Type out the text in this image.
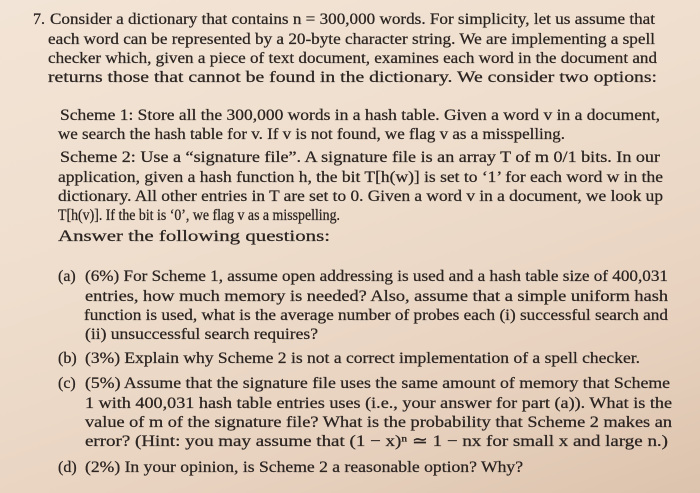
7. Consider a dictionary that contains n = 300,000 words. For simplicity, let us assume that
each word can be represented by a 20-byte character string. We are implementing a spell
checker which, given a piece of text document, examines each word in the document and
returns those that cannot be found in the dictionary. We consider two options:
Scheme 1: Store all the 300,000 words in a hash table. Given a word v in a document,
we search the hash table for v. If v is not found, we flag v as a misspelling.
Scheme 2: Use a “signature file”. A signature file is an array T of m 0/1 bits. In our
application, given a hash function h, the bit T[h(w)] is set to ‘1’ for each word w in the
dictionary. All other entries in T are set to 0. Given a word v in a document, we look up
T[h(v)]. If the bit is ‘0’, we flag v as a misspelling.
Answer the following questions:
(a) (6%) For Scheme 1, assume open addressing is used and a hash table size of 400,031
entries, how much memory is needed? Also, assume that a simple uniform hash
function is used, what is the average number of probes each (i) successful search and
(ii) unsuccessful search requires?
(b) (3%) Explain why Scheme 2 is not a correct implementation of a spell checker.
(c) (5%) Assume that the signature file uses the same amount of memory that Scheme
1 with 400,031 hash table entries uses (i.e., your answer for part (a)). What is the
value of m of the signature file? What is the probability that Scheme 2 makes an
error? (Hint: you may assume that (1 − x)ⁿ ≃ 1 − nx for small x and large n.)
(d) (2%) In your opinion, is Scheme 2 a reasonable option? Why?
